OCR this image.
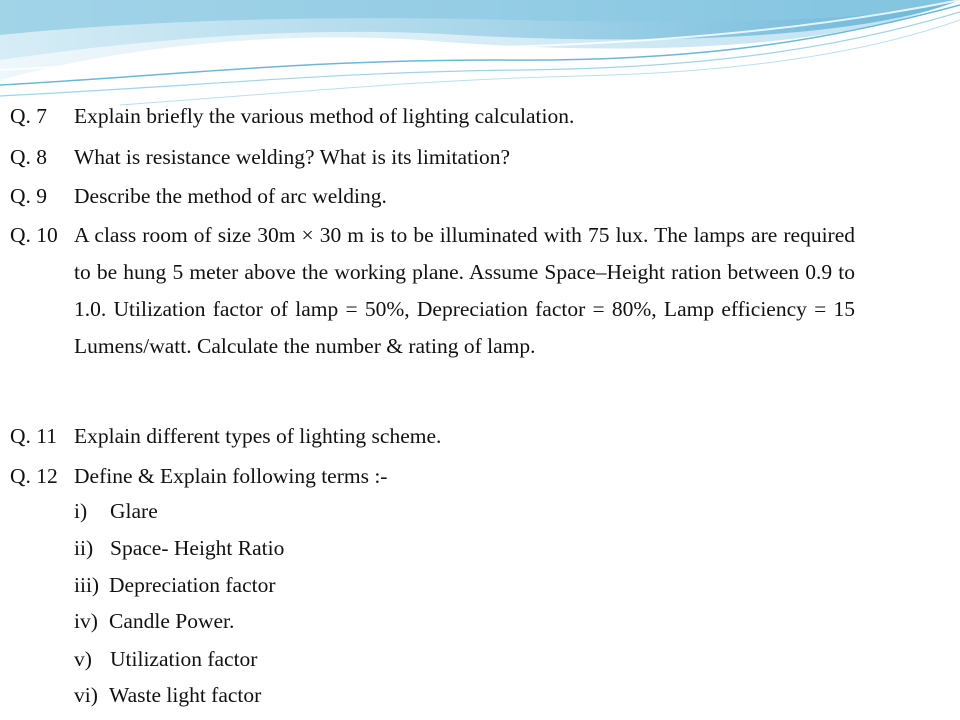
Q. 7	Explain briefly the various method of lighting calculation.
Q. 8	What is resistance welding? What is its limitation?
Q. 9	Describe the method of arc welding.
Q. 10 A class room of size 30m × 30 m is to be illuminated with 75 lux. The lamps are required to be hung 5 meter above the working plane. Assume Space–Height ration between 0.9 to 1.0. Utilization factor of lamp = 50%, Depreciation factor = 80%, Lamp efficiency = 15 Lumens/watt. Calculate the number & rating of lamp.
Q. 11 Explain different types of lighting scheme.
Q. 12 Define & Explain following terms :-
i) Glare
ii) Space- Height Ratio
iii) Depreciation factor
iv) Candle Power.
v) Utilization factor
vi) Waste light factor
